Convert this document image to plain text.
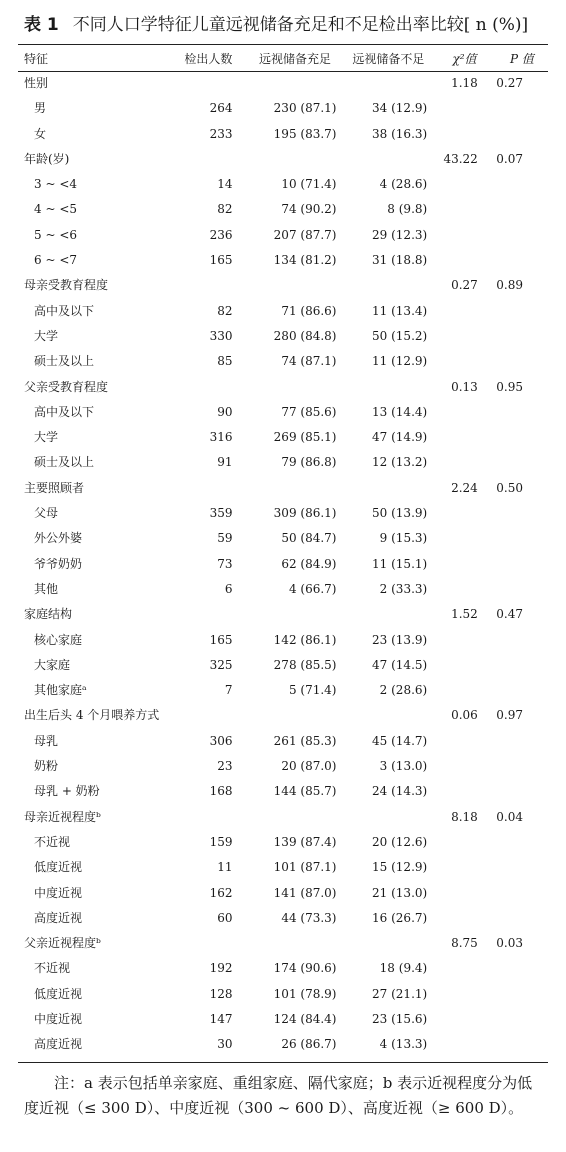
表 1 不同人口学特征儿童远视储备充足和不足检出率比较[ n (%)]
特征	检出人数	远视储备充足	远视储备不足	χ²值	P 值
性别				1.18	0.27
男	264	230 (87.1)	34 (12.9)		
女	233	195 (83.7)	38 (16.3)		
年龄(岁)				43.22	0.07
3 ~ <4	14	10 (71.4)	4 (28.6)		
4 ~ <5	82	74 (90.2)	8 (9.8)		
5 ~ <6	236	207 (87.7)	29 (12.3)		
6 ~ <7	165	134 (81.2)	31 (18.8)		
母亲受教育程度				0.27	0.89
高中及以下	82	71 (86.6)	11 (13.4)		
大学	330	280 (84.8)	50 (15.2)		
硕士及以上	85	74 (87.1)	11 (12.9)		
父亲受教育程度				0.13	0.95
高中及以下	90	77 (85.6)	13 (14.4)		
大学	316	269 (85.1)	47 (14.9)		
硕士及以上	91	79 (86.8)	12 (13.2)		
主要照顾者				2.24	0.50
父母	359	309 (86.1)	50 (13.9)		
外公外婆	59	50 (84.7)	9 (15.3)		
爷爷奶奶	73	62 (84.9)	11 (15.1)		
其他	6	4 (66.7)	2 (33.3)		
家庭结构				1.52	0.47
核心家庭	165	142 (86.1)	23 (13.9)		
大家庭	325	278 (85.5)	47 (14.5)		
其他家庭ᵃ	7	5 (71.4)	2 (28.6)		
出生后头 4 个月喂养方式				0.06	0.97
母乳	306	261 (85.3)	45 (14.7)		
奶粉	23	20 (87.0)	3 (13.0)		
母乳 + 奶粉	168	144 (85.7)	24 (14.3)		
母亲近视程度ᵇ				8.18	0.04
不近视	159	139 (87.4)	20 (12.6)		
低度近视	11	101 (87.1)	15 (12.9)		
中度近视	162	141 (87.0)	21 (13.0)		
高度近视	60	44 (73.3)	16 (26.7)		
父亲近视程度ᵇ				8.75	0.03
不近视	192	174 (90.6)	18 (9.4)		
低度近视	128	101 (78.9)	27 (21.1)		
中度近视	147	124 (84.4)	23 (15.6)		
高度近视	30	26 (86.7)	4 (13.3)		
注：a 表示包括单亲家庭、重组家庭、隔代家庭；b 表示近视程度分为低度近视（≤ 300 D）、中度近视（300 ~ 600 D）、高度近视（≥ 600 D）。
